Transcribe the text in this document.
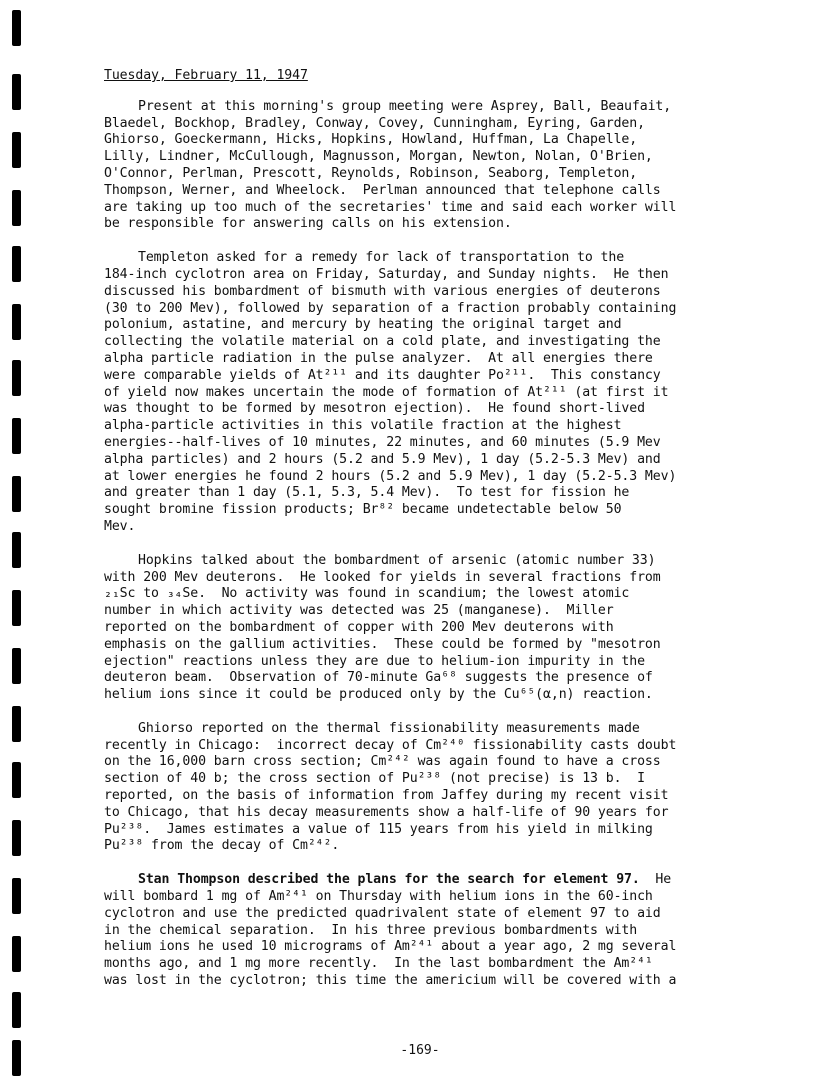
Tuesday, February 11, 1947
Present at this morning's group meeting were Asprey, Ball, Beaufait,
Blaedel, Bockhop, Bradley, Conway, Covey, Cunningham, Eyring, Garden,
Ghiorso, Goeckermann, Hicks, Hopkins, Howland, Huffman, La Chapelle,
Lilly, Lindner, McCullough, Magnusson, Morgan, Newton, Nolan, O'Brien,
O'Connor, Perlman, Prescott, Reynolds, Robinson, Seaborg, Templeton,
Thompson, Werner, and Wheelock.  Perlman announced that telephone calls
are taking up too much of the secretaries' time and said each worker will
be responsible for answering calls on his extension.
Templeton asked for a remedy for lack of transportation to the
184-inch cyclotron area on Friday, Saturday, and Sunday nights.  He then
discussed his bombardment of bismuth with various energies of deuterons
(30 to 200 Mev), followed by separation of a fraction probably containing
polonium, astatine, and mercury by heating the original target and
collecting the volatile material on a cold plate, and investigating the
alpha particle radiation in the pulse analyzer.  At all energies there
were comparable yields of At²¹¹ and its daughter Po²¹¹.  This constancy
of yield now makes uncertain the mode of formation of At²¹¹ (at first it
was thought to be formed by mesotron ejection).  He found short-lived
alpha-particle activities in this volatile fraction at the highest
energies--half-lives of 10 minutes, 22 minutes, and 60 minutes (5.9 Mev
alpha particles) and 2 hours (5.2 and 5.9 Mev), 1 day (5.2-5.3 Mev) and
at lower energies he found 2 hours (5.2 and 5.9 Mev), 1 day (5.2-5.3 Mev)
and greater than 1 day (5.1, 5.3, 5.4 Mev).  To test for fission he
sought bromine fission products; Br⁸² became undetectable below 50
Mev.
Hopkins talked about the bombardment of arsenic (atomic number 33)
with 200 Mev deuterons.  He looked for yields in several fractions from
₂₁Sc to ₃₄Se.  No activity was found in scandium; the lowest atomic
number in which activity was detected was 25 (manganese).  Miller
reported on the bombardment of copper with 200 Mev deuterons with
emphasis on the gallium activities.  These could be formed by "mesotron
ejection" reactions unless they are due to helium-ion impurity in the
deuteron beam.  Observation of 70-minute Ga⁶⁸ suggests the presence of
helium ions since it could be produced only by the Cu⁶⁵(α,n) reaction.
Ghiorso reported on the thermal fissionability measurements made
recently in Chicago:  incorrect decay of Cm²⁴⁰ fissionability casts doubt
on the 16,000 barn cross section; Cm²⁴² was again found to have a cross
section of 40 b; the cross section of Pu²³⁸ (not precise) is 13 b.  I
reported, on the basis of information from Jaffey during my recent visit
to Chicago, that his decay measurements show a half-life of 90 years for
Pu²³⁸.  James estimates a value of 115 years from his yield in milking
Pu²³⁸ from the decay of Cm²⁴².
Stan Thompson described the plans for the search for element 97.  He
will bombard 1 mg of Am²⁴¹ on Thursday with helium ions in the 60-inch
cyclotron and use the predicted quadrivalent state of element 97 to aid
in the chemical separation.  In his three previous bombardments with
helium ions he used 10 micrograms of Am²⁴¹ about a year ago, 2 mg several
months ago, and 1 mg more recently.  In the last bombardment the Am²⁴¹
was lost in the cyclotron; this time the americium will be covered with a
-169-
